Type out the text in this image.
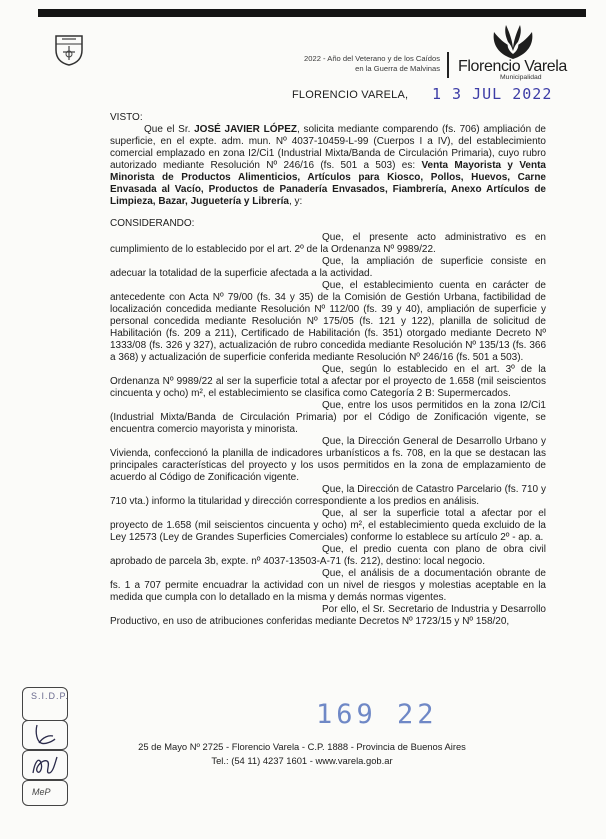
2022 - Año del Veterano y de los Caídos
en la Guerra de Malvinas Florencio Varela
Municipalidad
FLORENCIO VARELA, 1 3 JUL 2022

VISTO:

Que el Sr. JOSÉ JAVIER LÓPEZ, solicita mediante comparendo (fs. 706) ampliación de superficie, en el expte. adm. mun. Nº 4037-10459-L-99 (Cuerpos I a IV), del establecimiento comercial emplazado en zona I2/Ci1 (Industrial Mixta/Banda de Circulación Primaria), cuyo rubro autorizado mediante Resolución Nº 246/16 (fs. 501 a 503) es: Venta Mayorista y Venta Minorista de Productos Alimenticios, Artículos para Kiosco, Pollos, Huevos, Carne Envasada al Vacío, Productos de Panadería Envasados, Fiambrería, Anexo Artículos de Limpieza, Bazar, Juguetería y Librería, y:

CONSIDERANDO:

Que, el presente acto administrativo es en cumplimiento de lo establecido por el art. 2º de la Ordenanza Nº 9989/22.

Que, la ampliación de superficie consiste en adecuar la totalidad de la superficie afectada a la actividad.

Que, el establecimiento cuenta en carácter de antecedente con Acta Nº 79/00 (fs. 34 y 35) de la Comisión de Gestión Urbana, factibilidad de localización concedida mediante Resolución Nº 112/00 (fs. 39 y 40), ampliación de superficie y personal concedida mediante Resolución Nº 175/05 (fs. 121 y 122), planilla de solicitud de Habilitación (fs. 209 a 211), Certificado de Habilitación (fs. 351) otorgado mediante Decreto Nº 1333/08 (fs. 326 y 327), actualización de rubro concedida mediante Resolución Nº 135/13 (fs. 366 a 368) y actualización de superficie conferida mediante Resolución Nº 246/16 (fs. 501 a 503).

Que, según lo establecido en el art. 3º de la Ordenanza Nº 9989/22 al ser la superficie total a afectar por el proyecto de 1.658 (mil seiscientos cincuenta y ocho) m², el establecimiento se clasifica como Categoría 2 B: Supermercados.

Que, entre los usos permitidos en la zona I2/Ci1 (Industrial Mixta/Banda de Circulación Primaria) por el Código de Zonificación vigente, se encuentra comercio mayorista y minorista.

Que, la Dirección General de Desarrollo Urbano y Vivienda, confeccionó la planilla de indicadores urbanísticos a fs. 708, en la que se destacan las principales características del proyecto y los usos permitidos en la zona de emplazamiento de acuerdo al Código de Zonificación vigente.

Que, la Dirección de Catastro Parcelario (fs. 710 y 710 vta.) informo la titularidad y dirección correspondiente a los predios en análisis.

Que, al ser la superficie total a afectar por el proyecto de 1.658 (mil seiscientos cincuenta y ocho) m², el establecimiento queda excluido de la Ley 12573 (Ley de Grandes Superficies Comerciales) conforme lo establece su artículo 2º - ap. a.

Que, el predio cuenta con plano de obra civil aprobado de parcela 3b, expte. nº 4037-13503-A-71 (fs. 212), destino: local negocio.

Que, el análisis de a documentación obrante de fs. 1 a 707 permite encuadrar la actividad con un nivel de riesgos y molestias aceptable en la medida que cumpla con lo detallado en la misma y demás normas vigentes.

Por ello, el Sr. Secretario de Industria y Desarrollo Productivo, en uso de atribuciones conferidas mediante Decretos Nº 1723/15 y Nº 158/20,

169 22
25 de Mayo Nº 2725 - Florencio Varela - C.P. 1888 - Provincia de Buenos Aires
Tel.: (54 11) 4237 1601 - www.varela.gob.ar
S.I.D.P.
MeP
